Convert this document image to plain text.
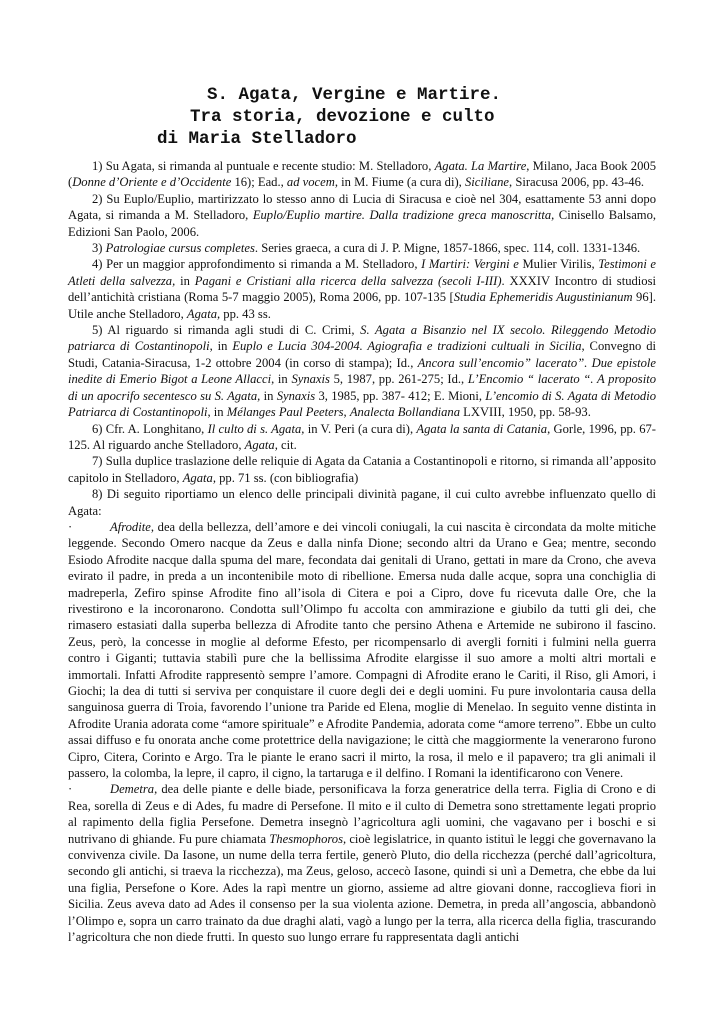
S. Agata, Vergine e Martire.
Tra storia, devozione e culto
di Maria Stelladoro

1) Su Agata, si rimanda al puntuale e recente studio: M. Stelladoro, Agata. La Martire, Milano, Jaca Book 2005 (Donne d’Oriente e d’Occidente 16); Ead., ad vocem, in M. Fiume (a cura di), Siciliane, Siracusa 2006, pp. 43-46.

2) Su Euplo/Euplio, martirizzato lo stesso anno di Lucia di Siracusa e cioè nel 304, esattamente 53 anni dopo Agata, si rimanda a M. Stelladoro, Euplo/Euplio martire. Dalla tradizione greca manoscritta, Cinisello Balsamo, Edizioni San Paolo, 2006.

3) Patrologiae cursus completes. Series graeca, a cura di J. P. Migne, 1857-1866, spec. 114, coll. 1331-1346.

4) Per un maggior approfondimento si rimanda a M. Stelladoro, I Martiri: Vergini e Mulier Virilis, Testimoni e Atleti della salvezza, in Pagani e Cristiani alla ricerca della salvezza (secoli I-III). XXXIV Incontro di studiosi dell’antichità cristiana (Roma 5-7 maggio 2005), Roma 2006, pp. 107-135 [Studia Ephemeridis Augustinianum 96]. Utile anche Stelladoro, Agata, pp. 43 ss.

5) Al riguardo si rimanda agli studi di C. Crimi, S. Agata a Bisanzio nel IX secolo. Rileggendo Metodio patriarca di Costantinopoli, in Euplo e Lucia 304-2004. Agiografia e tradizioni cultuali in Sicilia, Convegno di Studi, Catania-Siracusa, 1-2 ottobre 2004 (in corso di stampa); Id., Ancora sull’encomio” lacerato”. Due epistole inedite di Emerio Bigot a Leone Allacci, in Synaxis 5, 1987, pp. 261-275; Id., L’Encomio “ lacerato “. A proposito di un apocrifo secentesco su S. Agata, in Synaxis 3, 1985, pp. 387- 412; E. Mioni, L’encomio di S. Agata di Metodio Patriarca di Costantinopoli, in Mélanges Paul Peeters, Analecta Bollandiana LXVIII, 1950, pp. 58-93.

6) Cfr. A. Longhitano, Il culto di s. Agata, in V. Peri (a cura di), Agata la santa di Catania, Gorle, 1996, pp. 67-125. Al riguardo anche Stelladoro, Agata, cit.

7) Sulla duplice traslazione delle reliquie di Agata da Catania a Costantinopoli e ritorno, si rimanda all’apposito capitolo in Stelladoro, Agata, pp. 71 ss. (con bibliografia)

8) Di seguito riportiamo un elenco delle principali divinità pagane, il cui culto avrebbe influenzato quello di Agata:

·	Afrodite, dea della bellezza, dell’amore e dei vincoli coniugali, la cui nascita è circondata da molte mitiche leggende. Secondo Omero nacque da Zeus e dalla ninfa Dione; secondo altri da Urano e Gea; mentre, secondo Esiodo Afrodite nacque dalla spuma del mare, fecondata dai genitali di Urano, gettati in mare da Crono, che aveva evirato il padre, in preda a un incontenibile moto di ribellione. Emersa nuda dalle acque, sopra una conchiglia di madreperla, Zefiro spinse Afrodite fino all’isola di Citera e poi a Cipro, dove fu ricevuta dalle Ore, che la rivestirono e la incoronarono. Condotta sull’Olimpo fu accolta con ammirazione e giubilo da tutti gli dei, che rimasero estasiati dalla superba bellezza di Afrodite tanto che persino Athena e Artemide ne subirono il fascino. Zeus, però, la concesse in moglie al deforme Efesto, per ricompensarlo di avergli forniti i fulmini nella guerra contro i Giganti; tuttavia stabilì pure che la bellissima Afrodite elargisse il suo amore a molti altri mortali e immortali. Infatti Afrodite rappresentò sempre l’amore. Compagni di Afrodite erano le Cariti, il Riso, gli Amori, i Giochi; la dea di tutti si serviva per conquistare il cuore degli dei e degli uomini. Fu pure involontaria causa della sanguinosa guerra di Troia, favorendo l’unione tra Paride ed Elena, moglie di Menelao. In seguito venne distinta in Afrodite Urania adorata come “amore spirituale” e Afrodite Pandemia, adorata come “amore terreno”. Ebbe un culto assai diffuso e fu onorata anche come protettrice della navigazione; le città che maggiormente la venerarono furono Cipro, Citera, Corinto e Argo. Tra le piante le erano sacri il mirto, la rosa, il melo e il papavero; tra gli animali il passero, la colomba, la lepre, il capro, il cigno, la tartaruga e il delfino. I Romani la identificarono con Venere.

·	Demetra, dea delle piante e delle biade, personificava la forza generatrice della terra. Figlia di Crono e di Rea, sorella di Zeus e di Ades, fu madre di Persefone. Il mito e il culto di Demetra sono strettamente legati proprio al rapimento della figlia Persefone. Demetra insegnò l’agricoltura agli uomini, che vagavano per i boschi e si nutrivano di ghiande. Fu pure chiamata Thesmophoros, cioè legislatrice, in quanto istituì le leggi che governavano la convivenza civile. Da Iasone, un nume della terra fertile, generò Pluto, dio della ricchezza (perché dall’agricoltura, secondo gli antichi, si traeva la ricchezza), ma Zeus, geloso, accecò Iasone, quindi si unì a Demetra, che ebbe da lui una figlia, Persefone o Kore. Ades la rapì mentre un giorno, assieme ad altre giovani donne, raccoglieva fiori in Sicilia. Zeus aveva dato ad Ades il consenso per la sua violenta azione. Demetra, in preda all’angoscia, abbandonò l’Olimpo e, sopra un carro trainato da due draghi alati, vagò a lungo per la terra, alla ricerca della figlia, trascurando l’agricoltura che non diede frutti. In questo suo lungo errare fu rappresentata dagli antichi
